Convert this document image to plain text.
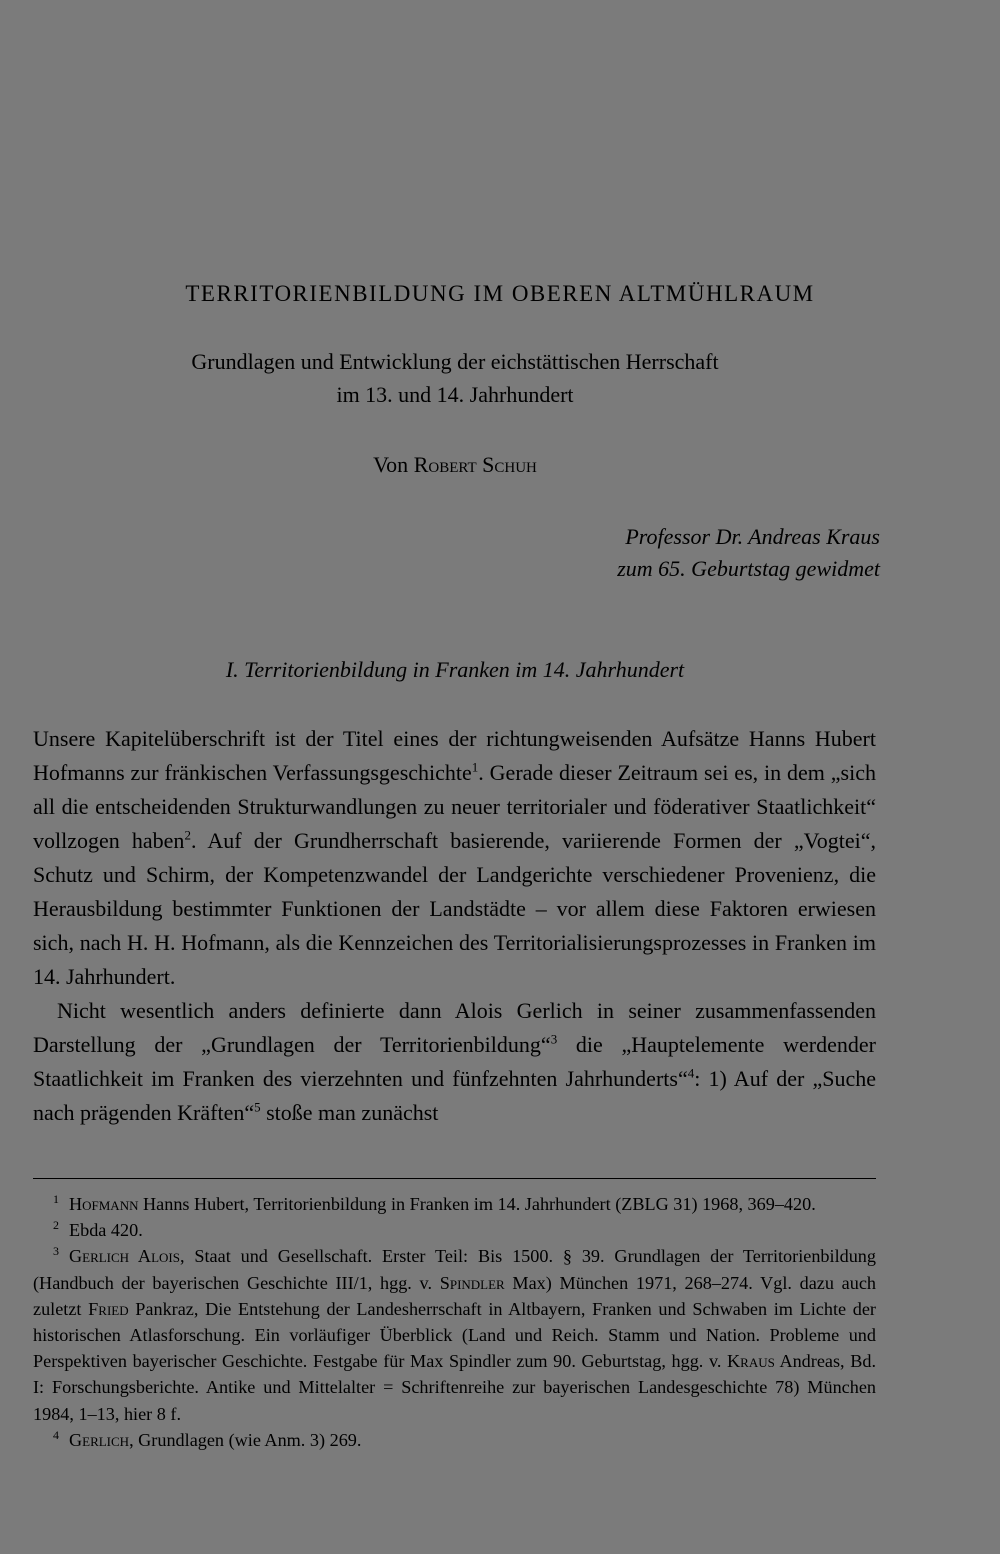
TERRITORIENBILDUNG IM OBEREN ALTMÜHLRAUM
Grundlagen und Entwicklung der eichstättischen Herrschaft
im 13. und 14. Jahrhundert
Von Robert Schuh
Professor Dr. Andreas Kraus
zum 65. Geburtstag gewidmet
I. Territorienbildung in Franken im 14. Jahrhundert

Unsere Kapitelüberschrift ist der Titel eines der richtungweisenden Aufsätze Hanns Hubert Hofmanns zur fränkischen Verfassungsgeschichte$^1$. Gerade dieser Zeitraum sei es, in dem „sich all die entscheidenden Strukturwandlungen zu neuer territorialer und föderativer Staatlichkeit“ vollzogen haben$^2$. Auf der Grundherrschaft basierende, variierende Formen der „Vogtei“, Schutz und Schirm, der Kompetenzwandel der Landgerichte verschiedener Provenienz, die Herausbildung bestimmter Funktionen der Landstädte – vor allem diese Faktoren erwiesen sich, nach H. H. Hofmann, als die Kennzeichen des Territorialisierungsprozesses in Franken im 14. Jahrhundert.

Nicht wesentlich anders definierte dann Alois Gerlich in seiner zusammenfassenden Darstellung der „Grundlagen der Territorienbildung“$^3$ die „Hauptelemente werdender Staatlichkeit im Franken des vierzehnten und fünfzehnten Jahrhunderts“$^4$: 1) Auf der „Suche nach prägenden Kräften“$^5$ stoße man zunächst

$^1$ Hofmann Hanns Hubert, Territorienbildung in Franken im 14. Jahrhundert (ZBLG 31) 1968, 369–420.

$^2$ Ebda 420.

$^3$ Gerlich Alois, Staat und Gesellschaft. Erster Teil: Bis 1500. § 39. Grundlagen der Territorienbildung (Handbuch der bayerischen Geschichte III/1, hgg. v. Spindler Max) München 1971, 268–274. Vgl. dazu auch zuletzt Fried Pankraz, Die Entstehung der Landesherrschaft in Altbayern, Franken und Schwaben im Lichte der historischen Atlasforschung. Ein vorläufiger Überblick (Land und Reich. Stamm und Nation. Probleme und Perspektiven bayerischer Geschichte. Festgabe für Max Spindler zum 90. Geburtstag, hgg. v. Kraus Andreas, Bd. I: Forschungsberichte. Antike und Mittelalter = Schriftenreihe zur bayerischen Landesgeschichte 78) München 1984, 1–13, hier 8 f.

$^4$ Gerlich, Grundlagen (wie Anm. 3) 269.
